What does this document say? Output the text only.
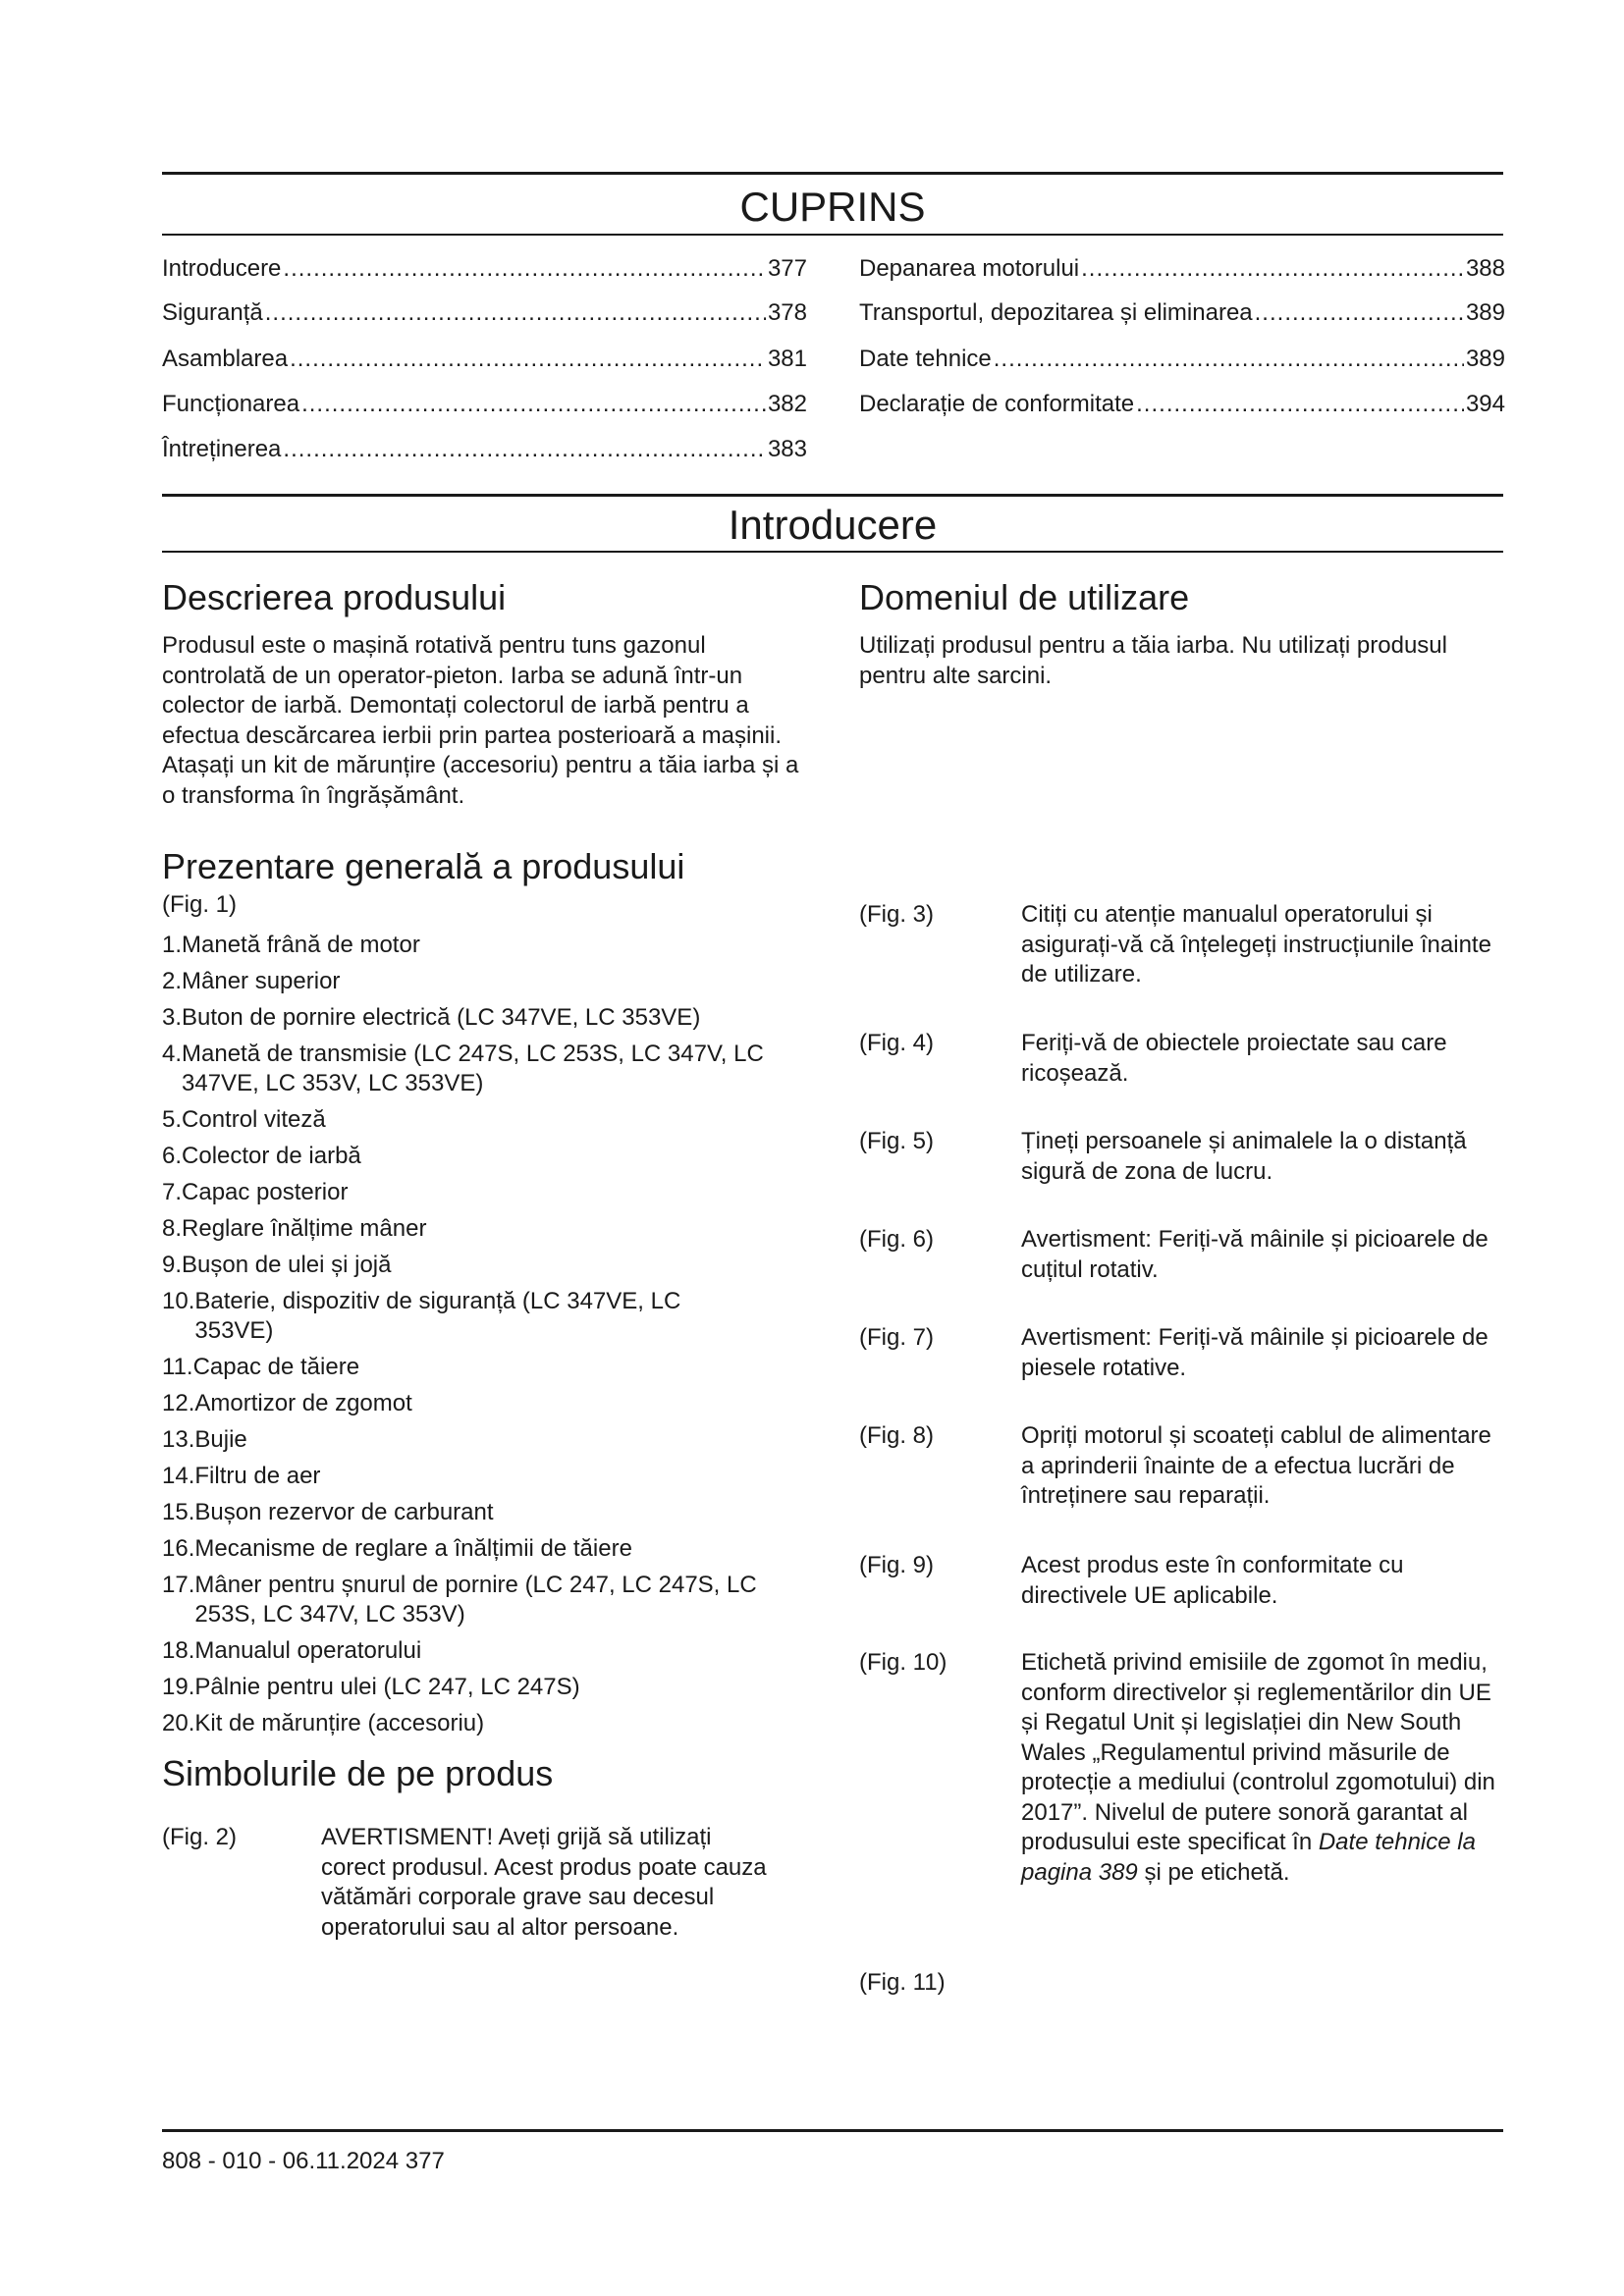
CUPRINS
Introducere .....	377
Siguranță .....	378
Asamblarea .....	381
Funcționarea .....	382
Întreținerea .....	383
Depanarea motorului .....	388
Transportul, depozitarea și eliminarea .....	389
Date tehnice .....	389
Declarație de conformitate .....	394
Introducere
Descrierea produsului

Produsul este o mașină rotativă pentru tuns gazonul controlată de un operator-pieton. Iarba se adună într-un colector de iarbă. Demontați colectorul de iarbă pentru a efectua descărcarea ierbii prin partea posterioară a mașinii. Atașați un kit de mărunțire (accesoriu) pentru a tăia iarba și a o transforma în îngrășământ.

Domeniul de utilizare

Utilizați produsul pentru a tăia iarba. Nu utilizați produsul pentru alte sarcini.

Prezentare generală a produsului

(Fig. 1)

1. Manetă frână de motor
2. Mâner superior
3. Buton de pornire electrică (LC 347VE, LC 353VE)
4. Manetă de transmisie (LC 247S, LC 253S, LC 347V, LC 347VE, LC 353V, LC 353VE)
5. Control viteză
6. Colector de iarbă
7. Capac posterior
8. Reglare înălțime mâner
9. Bușon de ulei și jojă
10. Baterie, dispozitiv de siguranță (LC 347VE, LC 353VE)
11. Capac de tăiere
12. Amortizor de zgomot
13. Bujie
14. Filtru de aer
15. Bușon rezervor de carburant
16. Mecanisme de reglare a înălțimii de tăiere
17. Mâner pentru șnurul de pornire (LC 247, LC 247S, LC 253S, LC 347V, LC 353V)
18. Manualul operatorului
19. Pâlnie pentru ulei (LC 247, LC 247S)
20. Kit de mărunțire (accesoriu)
Simbolurile de pe produs
(Fig. 2)	AVERTISMENT! Aveți grijă să utilizați corect produsul. Acest produs poate cauza vătămări corporale grave sau decesul operatorului sau al altor persoane.
(Fig. 3)	Citiți cu atenție manualul operatorului și asigurați-vă că înțelegeți instrucțiunile înainte de utilizare.
(Fig. 4)	Feriți-vă de obiectele proiectate sau care ricoșează.
(Fig. 5)	Țineți persoanele și animalele la o distanță sigură de zona de lucru.
(Fig. 6)	Avertisment: Feriți-vă mâinile și picioarele de cuțitul rotativ.
(Fig. 7)	Avertisment: Feriți-vă mâinile și picioarele de piesele rotative.
(Fig. 8)	Opriți motorul și scoateți cablul de alimentare a aprinderii înainte de a efectua lucrări de întreținere sau reparații.
(Fig. 9)	Acest produs este în conformitate cu directivele UE aplicabile.
(Fig. 10)	Etichetă privind emisiile de zgomot în mediu, conform directivelor și reglementărilor din UE și Regatul Unit și legislației din New South Wales „Regulamentul privind măsurile de protecție a mediului (controlul zgomotului) din 2017”. Nivelul de putere sonoră garantat al produsului este specificat în Date tehnice la pagina 389 și pe etichetă.
(Fig. 11)
808 - 010 - 06.11.2024 377
